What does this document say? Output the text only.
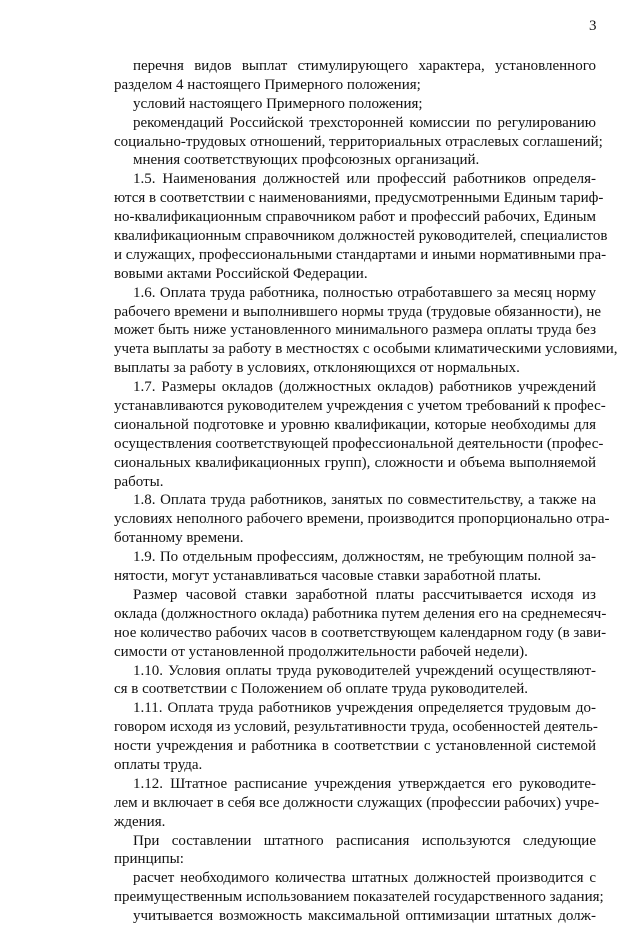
3
перечня видов выплат стимулирующего характера, установленного
разделом 4 настоящего Примерного положения;
условий настоящего Примерного положения;
рекомендаций Российской трехсторонней комиссии по регулированию
социально-трудовых отношений, территориальных отраслевых соглашений;
мнения соответствующих профсоюзных организаций.
1.5. Наименования должностей или профессий работников определя-
ются в соответствии с наименованиями, предусмотренными Единым тариф-
но-квалификационным справочником работ и профессий рабочих, Единым
квалификационным справочником должностей руководителей, специалистов
и служащих, профессиональными стандартами и иными нормативными пра-
вовыми актами Российской Федерации.
1.6. Оплата труда работника, полностью отработавшего за месяц норму
рабочего времени и выполнившего нормы труда (трудовые обязанности), не
может быть ниже установленного минимального размера оплаты труда без
учета выплаты за работу в местностях с особыми климатическими условиями,
выплаты за работу в условиях, отклоняющихся от нормальных.
1.7. Размеры окладов (должностных окладов) работников учреждений
устанавливаются руководителем учреждения с учетом требований к профес-
сиональной подготовке и уровню квалификации, которые необходимы для
осуществления соответствующей профессиональной деятельности (профес-
сиональных квалификационных групп), сложности и объема выполняемой
работы.
1.8. Оплата труда работников, занятых по совместительству, а также на
условиях неполного рабочего времени, производится пропорционально отра-
ботанному времени.
1.9. По отдельным профессиям, должностям, не требующим полной за-
нятости, могут устанавливаться часовые ставки заработной платы.
Размер часовой ставки заработной платы рассчитывается исходя из
оклада (должностного оклада) работника путем деления его на среднемесяч-
ное количество рабочих часов в соответствующем календарном году (в зави-
симости от установленной продолжительности рабочей недели).
1.10. Условия оплаты труда руководителей учреждений осуществляют-
ся в соответствии с Положением об оплате труда руководителей.
1.11. Оплата труда работников учреждения определяется трудовым до-
говором исходя из условий, результативности труда, особенностей деятель-
ности учреждения и работника в соответствии с установленной системой
оплаты труда.
1.12. Штатное расписание учреждения утверждается его руководите-
лем и включает в себя все должности служащих (профессии рабочих) учре-
ждения.
При составлении штатного расписания используются следующие
принципы:
расчет необходимого количества штатных должностей производится с
преимущественным использованием показателей государственного задания;
учитывается возможность максимальной оптимизации штатных долж-
